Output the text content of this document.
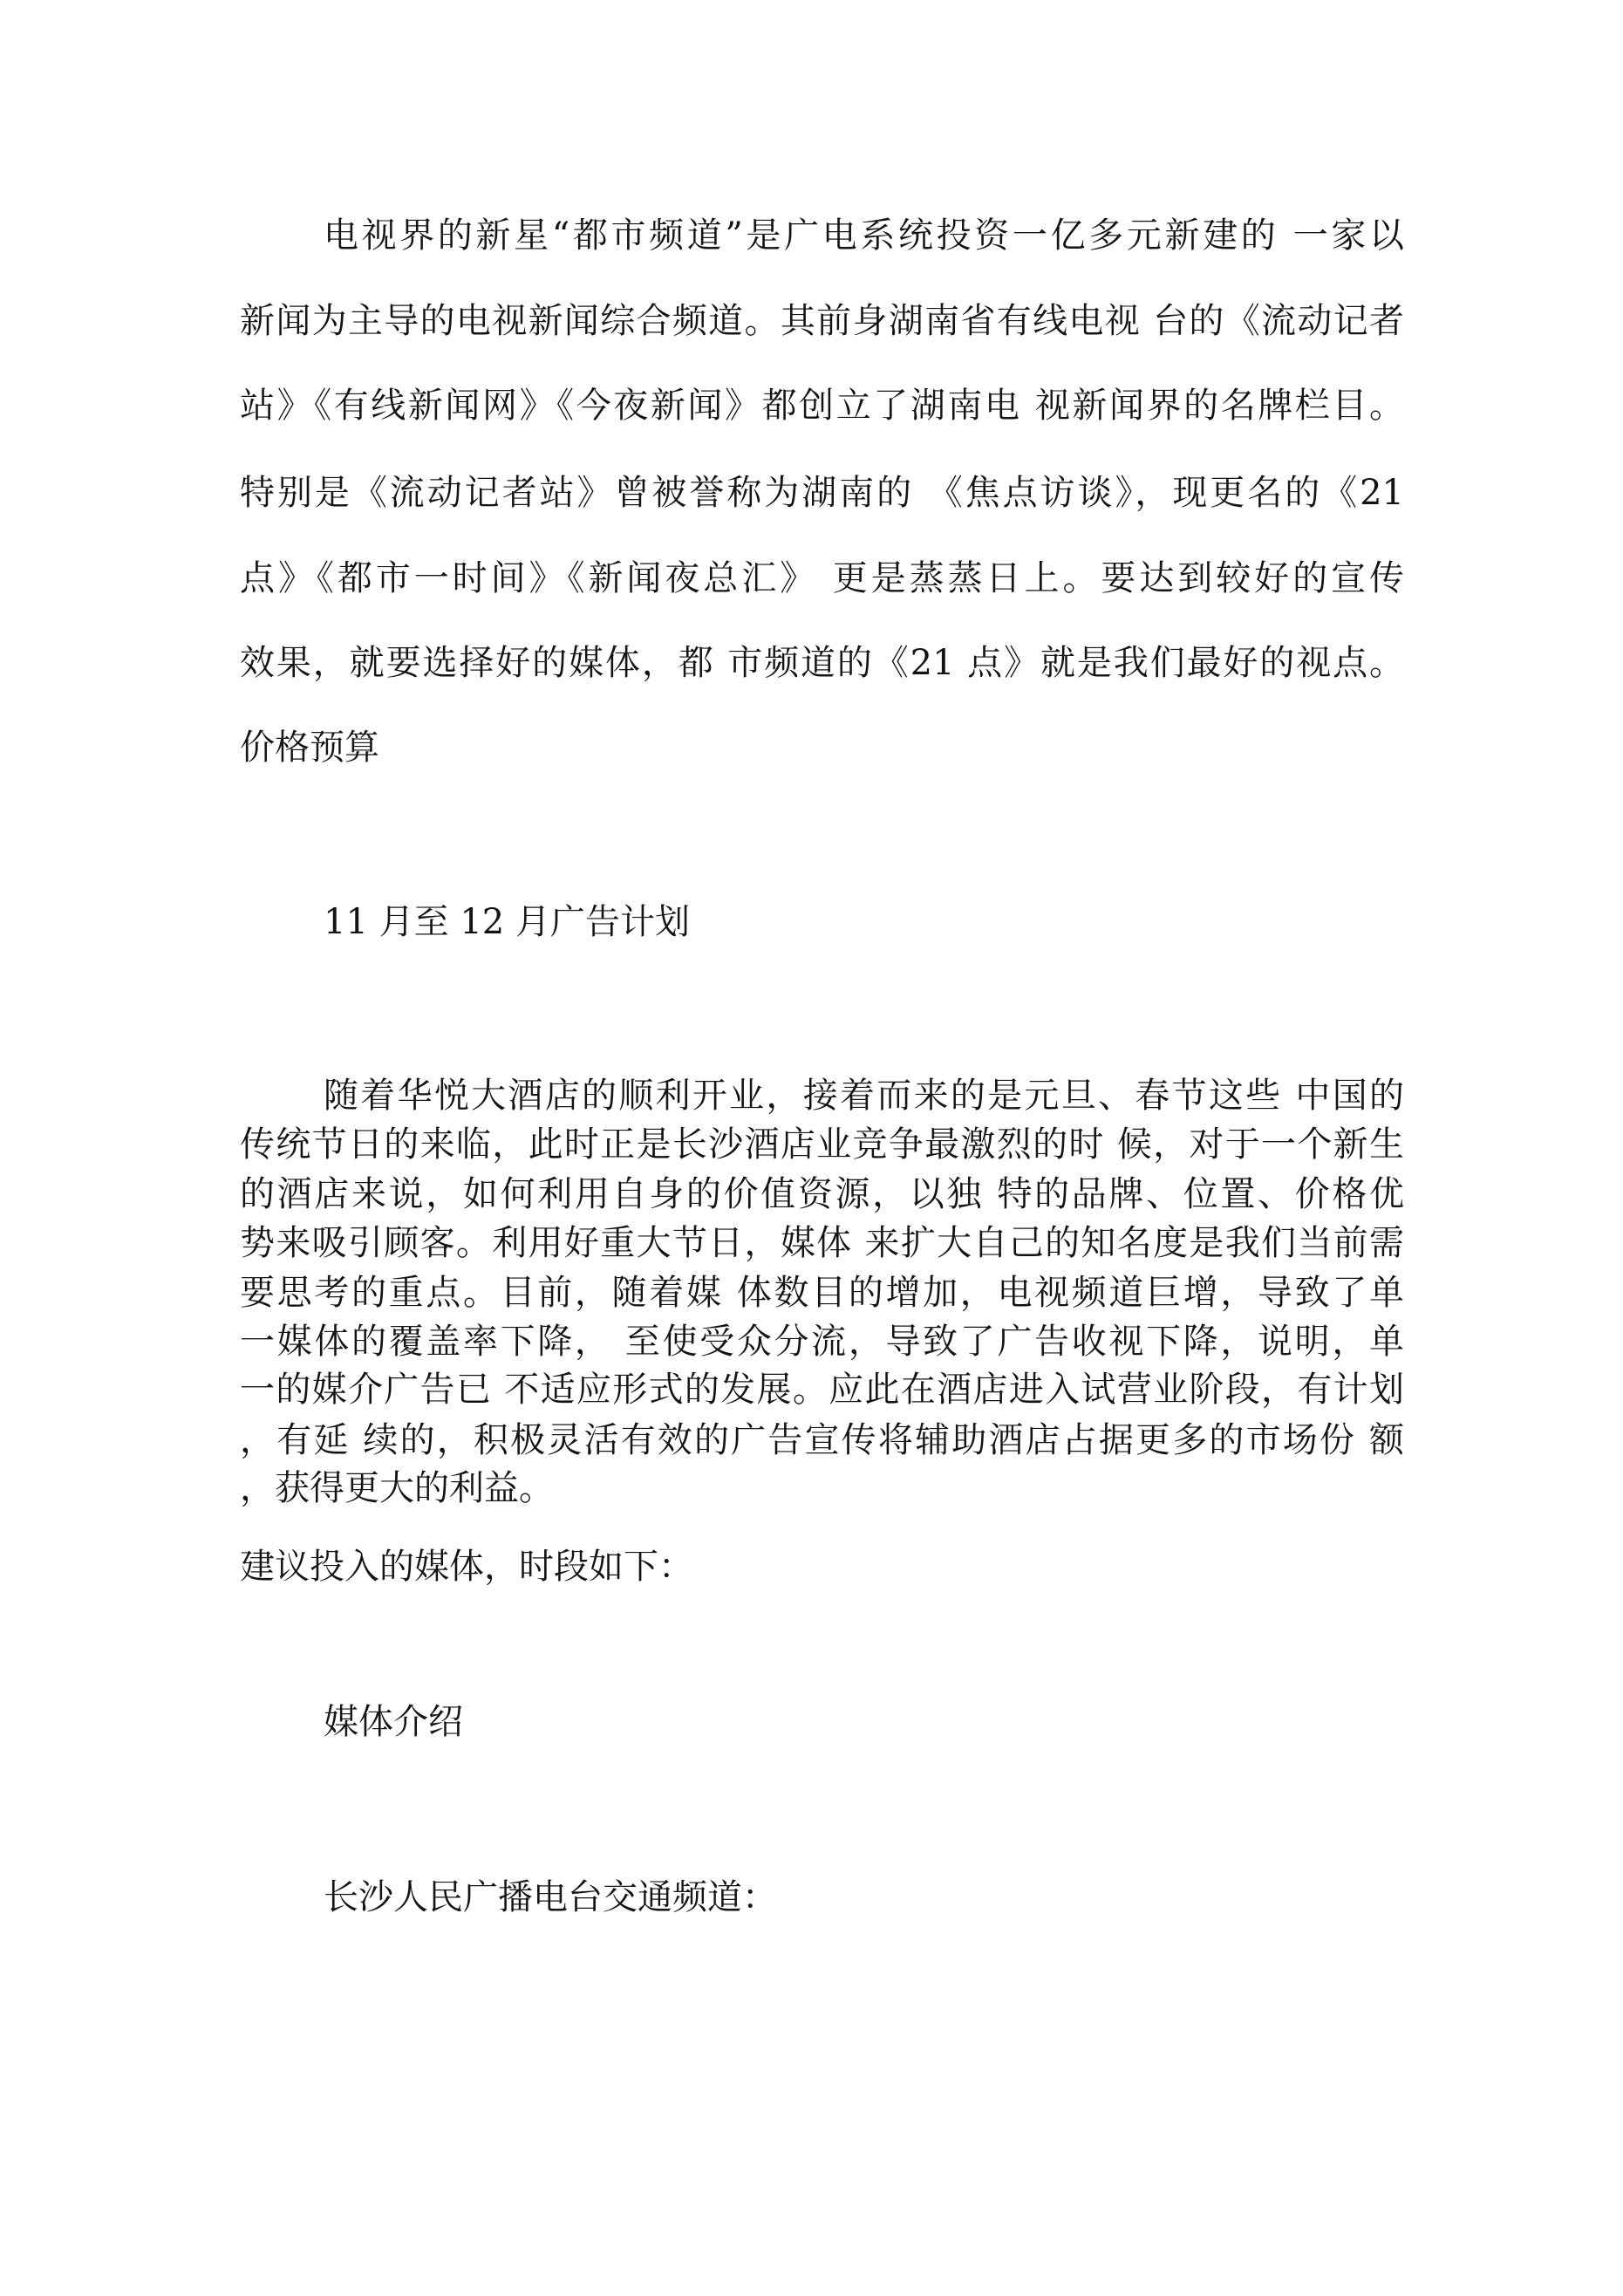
电视界的新星“都市频道”是广电系统投资一亿多元新建的 一家以
新闻为主导的电视新闻综合频道。其前身湖南省有线电视 台的《流动记者
站》《有线新闻网》《今夜新闻》都创立了湖南电 视新闻界的名牌栏目。
特别是《流动记者站》曾被誉称为湖南的 《焦点访谈》，现更名的《21
点》《都市一时间》《新闻夜总汇》 更是蒸蒸日上。要达到较好的宣传
效果，就要选择好的媒体，都 市频道的《21 点》就是我们最好的视点。
价格预算
11 月至 12 月广告计划
随着华悦大酒店的顺利开业，接着而来的是元旦、春节这些 中国的
传统节日的来临，此时正是长沙酒店业竞争最激烈的时 候，对于一个新生
的酒店来说，如何利用自身的价值资源，以独 特的品牌、位置、价格优
势来吸引顾客。利用好重大节日，媒体 来扩大自己的知名度是我们当前需
要思考的重点。目前，随着媒 体数目的增加，电视频道巨增，导致了单
一媒体的覆盖率下降， 至使受众分流，导致了广告收视下降，说明，单
一的媒介广告已 不适应形式的发展。应此在酒店进入试营业阶段，有计划
，有延 续的，积极灵活有效的广告宣传将辅助酒店占据更多的市场份 额
，获得更大的利益。
建议投入的媒体，时段如下：
媒体介绍
长沙人民广播电台交通频道：
